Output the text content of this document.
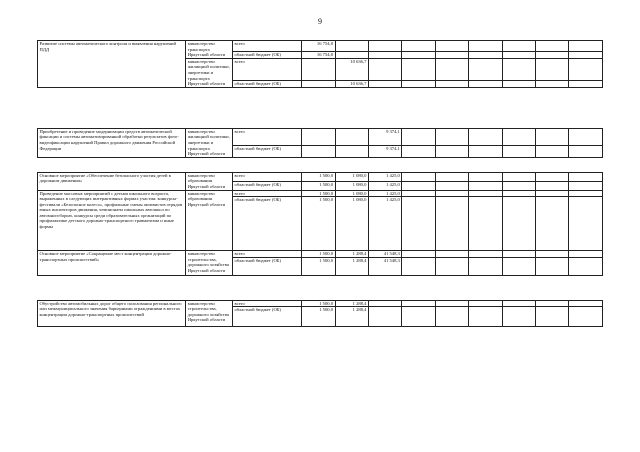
9
Развитие системы автоматического контроля и выявления нарушений ПДД	министерство транспорта Иркутской области	всего	16 754,0								
		областной бюджет (ОБ)	16 754,0								
	министерство жилищной политики, энергетики и транспорта Иркутской области	всего		10 636,7							
		областной бюджет (ОБ)		10 636,7							

Приобретение и проведение модернизации средств автоматической фиксации и системы автоматизированной обработки результатов фото-видеофиксации нарушений Правил дорожного движения Российской Федерации	министерство жилищной политики, энергетики и транспорта Иркутской области	всего			9 374,1						
		областной бюджет (ОБ)			9 374,1						

Основное мероприятие «Обеспечение безопасного участия детей в дорожном движении»	министерство образования Иркутской области	всего	1 500,0	1 080,0	1 425,0						
		областной бюджет (ОБ)	1 500,0	1 080,0	1 425,0						
Проведение массовых мероприятий с детьми школьного возраста, выраженных в следующих интерактивных формах участия: конкурсы-фестивали «Безопасное колесо», профильные смены активистов отрядов юных инспекторов движения, чемпионаты школьных автошкол по автомногоборью, конкурсы среди образовательных организаций по профилактике детского дорожно-транспортного травматизма и иные формы	министерство образования Иркутской области	всего	1 500,0	1 080,0	1 425,0						
		областной бюджет (ОБ)	1 500,0	1 080,0	1 425,0						
Основное мероприятие «Сокращение мест концентрации дорожно-транспортных происшествий»	министерство строительства, дорожного хозяйства Иркутской области	всего	1 500,0	1 288,4	41 548,3						
		областной бюджет (ОБ)	1 500,0	1 288,4	41 548,3						

Обустройство автомобильных дорог общего пользования регионального или межмуниципального значения барьерными ограждениями в местах концентрации дорожно-транспортных происшествий	министерство строительства, дорожного хозяйства Иркутской области	всего	1 500,0	1 288,4							
		областной бюджет (ОБ)	1 500,0	1 288,4							
